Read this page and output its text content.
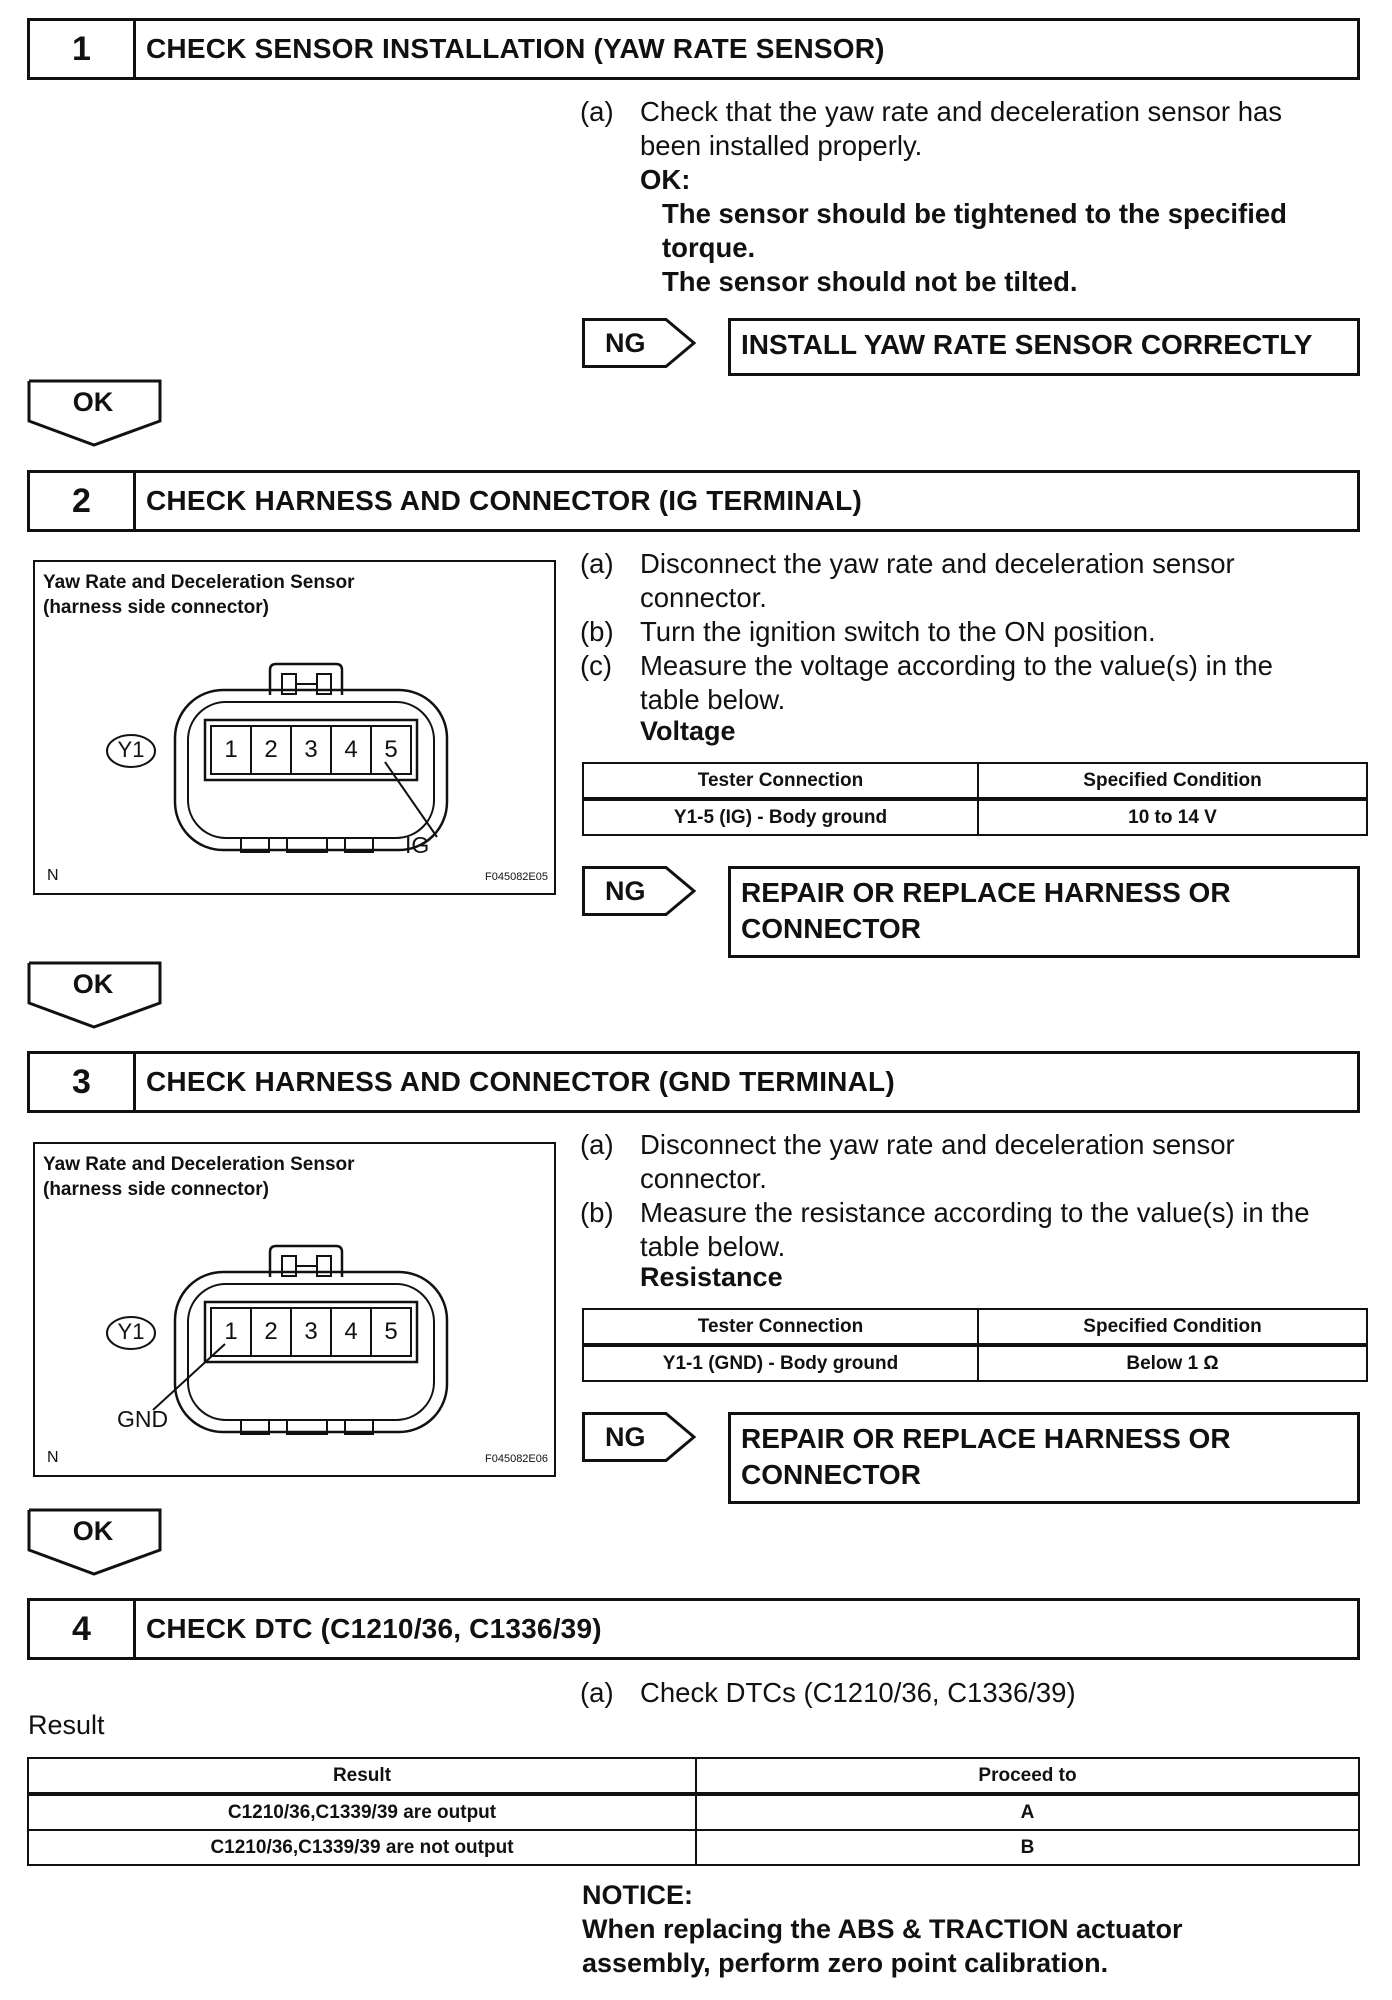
1	CHECK SENSOR INSTALLATION (YAW RATE SENSOR)
(a) Check that the yaw rate and deceleration sensor has
been installed properly.
OK:
The sensor should be tightened to the specified
torque.
The sensor should not be tilted.
NG	INSTALL YAW RATE SENSOR CORRECTLY
OK
2	CHECK HARNESS AND CONNECTOR (IG TERMINAL)
Yaw Rate and Deceleration Sensor
(harness side connector)
Y1	1	2	3	4	5
IG
N	F045082E05
(a) Disconnect the yaw rate and deceleration sensor
connector.
(b) Turn the ignition switch to the ON position.
(c)	Measure the voltage according to the value(s) in the
table below.
Voltage
Tester Connection	Specified Condition
Y1-5 (IG) - Body ground	10 to 14 V
NG	REPAIR OR REPLACE HARNESS OR
CONNECTOR
OK
3	CHECK HARNESS AND CONNECTOR (GND TERMINAL)
Yaw Rate and Deceleration Sensor
(harness side connector)
Y1	1	2	3	4	5
GND
N	F045082E06
(a) Disconnect the yaw rate and deceleration sensor
connector.
(b) Measure the resistance according to the value(s) in the
table below.
Resistance
Tester Connection	Specified Condition
Y1-1 (GND) - Body ground	Below 1 Ω
NG	REPAIR OR REPLACE HARNESS OR
CONNECTOR
OK
4	CHECK DTC (C1210/36, C1336/39)
(a) Check DTCs (C1210/36, C1336/39)
Result
Result	Proceed to
C1210/36,C1339/39 are output	A
C1210/36,C1339/39 are not output	B
NOTICE:
When replacing the ABS & TRACTION actuator
assembly, perform zero point calibration.
